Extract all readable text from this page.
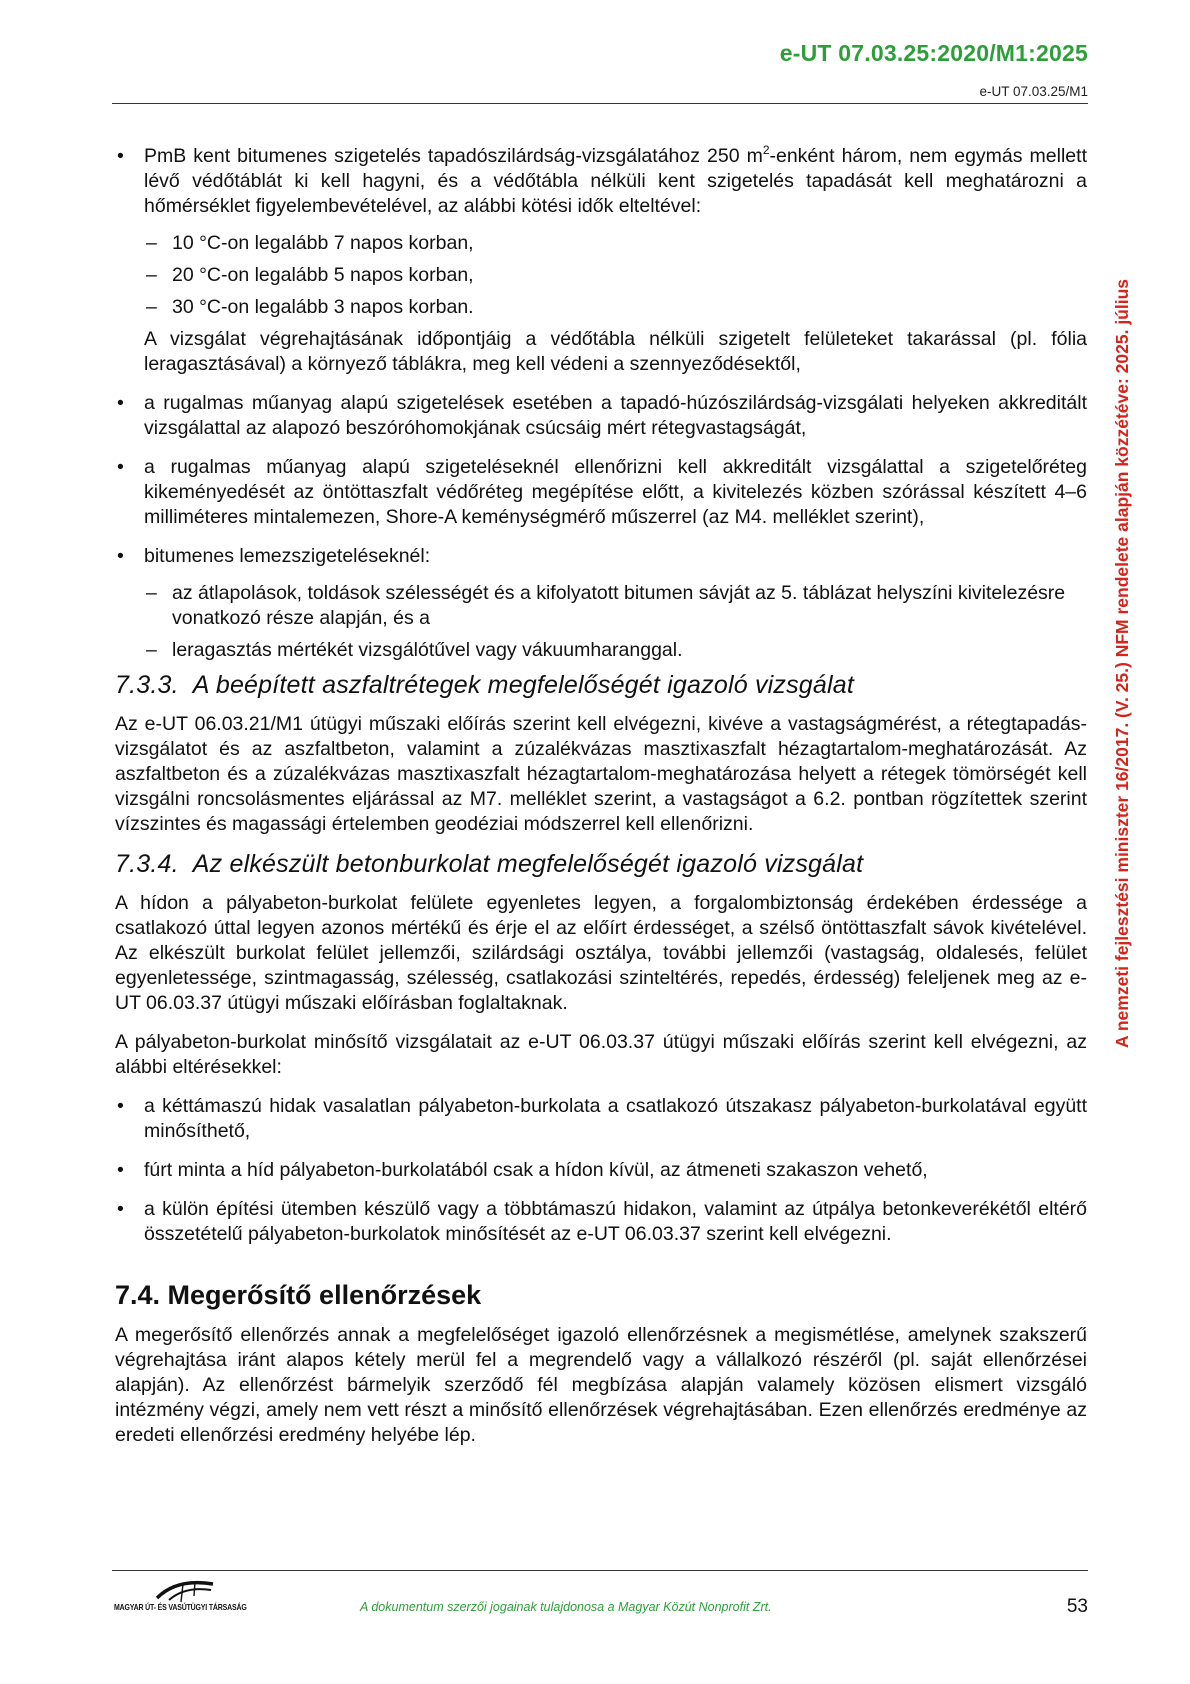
e-UT 07.03.25:2020/M1:2025
e-UT 07.03.25/M1
A nemzeti fejlesztési miniszter 16/2017. (V. 25.) NFM rendelete alapján közzétéve: 2025. július
• PmB kent bitumenes szigetelés tapadószilárdság-vizsgálatához 250 $m^2$-enként három, nem egymás mellett lévő védőtáblát ki kell hagyni, és a védőtábla nélküli kent szigetelés tapadását kell meghatározni a hőmérséklet figyelembevételével, az alábbi kötési idők elteltével:
– 10 °C-on legalább 7 napos korban,
– 20 °C-on legalább 5 napos korban,
– 30 °C-on legalább 3 napos korban.

A vizsgálat végrehajtásának időpontjáig a védőtábla nélküli szigetelt felületeket takarással (pl. fólia leragasztásával) a környező táblákra, meg kell védeni a szennyeződésektől,

• a rugalmas műanyag alapú szigetelések esetében a tapadó-húzószilárdság-vizsgálati helyeken akkreditált vizsgálattal az alapozó beszóróhomokjának csúcsáig mért rétegvastagságát,
• a rugalmas műanyag alapú szigeteléseknél ellenőrizni kell akkreditált vizsgálattal a szigetelőréteg kikeményedését az öntöttaszfalt védőréteg megépítése előtt, a kivitelezés közben szórással készített 4–6 milliméteres mintalemezen, Shore-A keménységmérő műszerrel (az M4. melléklet szerint),
• bitumenes lemezszigeteléseknél:
– az átlapolások, toldások szélességét és a kifolyatott bitumen sávját az 5. táblázat helyszíni kivitelezésre vonatkozó része alapján, és a
– leragasztás mértékét vizsgálótűvel vagy vákuumharanggal.
7.3.3. A beépített aszfaltrétegek megfelelőségét igazoló vizsgálat

Az e-UT 06.03.21/M1 útügyi műszaki előírás szerint kell elvégezni, kivéve a vastagságmérést, a rétegtapadás-vizsgálatot és az aszfaltbeton, valamint a zúzalékvázas masztixaszfalt hézagtartalom-meghatározását. Az aszfaltbeton és a zúzalékvázas masztixaszfalt hézagtartalom-meghatározása helyett a rétegek tömörségét kell vizsgálni roncsolásmentes eljárással az M7. melléklet szerint, a vastagságot a 6.2. pontban rögzítettek szerint vízszintes és magassági értelemben geodéziai módszerrel kell ellenőrizni.

7.3.4. Az elkészült betonburkolat megfelelőségét igazoló vizsgálat

A hídon a pályabeton-burkolat felülete egyenletes legyen, a forgalombiztonság érdekében érdessége a csatlakozó úttal legyen azonos mértékű és érje el az előírt érdességet, a szélső öntöttaszfalt sávok kivételével. Az elkészült burkolat felület jellemzői, szilárdsági osztálya, további jellemzői (vastagság, oldalesés, felület egyenletessége, szintmagasság, szélesség, csatlakozási szinteltérés, repedés, érdesség) feleljenek meg az e-UT 06.03.37 útügyi műszaki előírásban foglaltaknak.

A pályabeton-burkolat minősítő vizsgálatait az e-UT 06.03.37 útügyi műszaki előírás szerint kell elvégezni, az alábbi eltérésekkel:

• a kéttámaszú hidak vasalatlan pályabeton-burkolata a csatlakozó útszakasz pályabeton-burkolatával együtt minősíthető,
• fúrt minta a híd pályabeton-burkolatából csak a hídon kívül, az átmeneti szakaszon vehető,
• a külön építési ütemben készülő vagy a többtámaszú hidakon, valamint az útpálya betonkeverékétől eltérő összetételű pályabeton-burkolatok minősítését az e-UT 06.03.37 szerint kell elvégezni.
7.4. Megerősítő ellenőrzések

A megerősítő ellenőrzés annak a megfelelőséget igazoló ellenőrzésnek a megismétlése, amelynek szakszerű végrehajtása iránt alapos kétely merül fel a megrendelő vagy a vállalkozó részéről (pl. saját ellenőrzései alapján). Az ellenőrzést bármelyik szerződő fél megbízása alapján valamely közösen elismert vizsgáló intézmény végzi, amely nem vett részt a minősítő ellenőrzések végrehajtásában. Ezen ellenőrzés eredménye az eredeti ellenőrzési eredmény helyébe lép.

MAGYAR ÚT- ÉS VASÚTÜGYI TÁRSASÁG	A dokumentum szerzői jogainak tulajdonosa a Magyar Közút Nonprofit Zrt.	53
